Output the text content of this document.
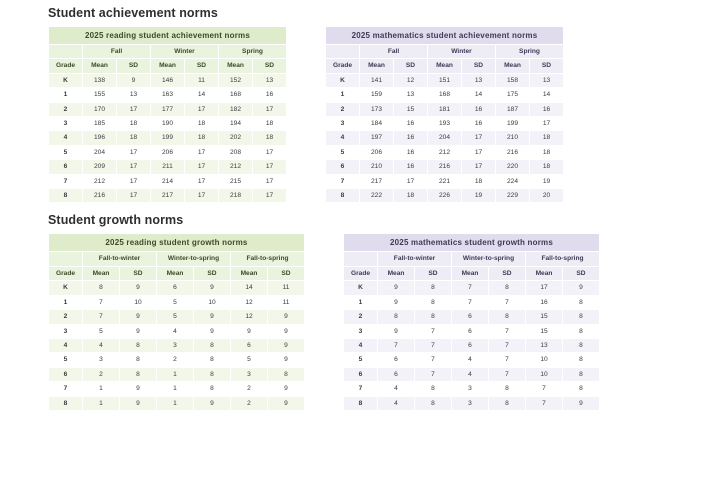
Student achievement norms
2025 reading student achievement norms						
	Fall		Winter		Spring	
Grade	Mean	SD	Mean	SD	Mean	SD
K	138	9	146	11	152	13
1	155	13	163	14	168	16
2	170	17	177	17	182	17
3	185	18	190	18	194	18
4	196	18	199	18	202	18
5	204	17	206	17	208	17
6	209	17	211	17	212	17
7	212	17	214	17	215	17
8	216	17	217	17	218	17
2025 mathematics student achievement norms						
	Fall		Winter		Spring	
Grade	Mean	SD	Mean	SD	Mean	SD
K	141	12	151	13	158	13
1	159	13	168	14	175	14
2	173	15	181	16	187	16
3	184	16	193	16	199	17
4	197	16	204	17	210	18
5	206	16	212	17	216	18
6	210	16	216	17	220	18
7	217	17	221	18	224	19
8	222	18	226	19	229	20
Student growth norms
2025 reading student growth norms						
	Fall-to-winter		Winter-to-spring		Fall-to-spring	
Grade	Mean	SD	Mean	SD	Mean	SD
K	8	9	6	9	14	11
1	7	10	5	10	12	11
2	7	9	5	9	12	9
3	5	9	4	9	9	9
4	4	8	3	8	6	9
5	3	8	2	8	5	9
6	2	8	1	8	3	8
7	1	9	1	8	2	9
8	1	9	1	9	2	9
2025 mathematics student growth norms						
	Fall-to-winter		Winter-to-spring		Fall-to-spring	
Grade	Mean	SD	Mean	SD	Mean	SD
K	9	8	7	8	17	9
1	9	8	7	7	16	8
2	8	8	6	8	15	8
3	9	7	6	7	15	8
4	7	7	6	7	13	8
5	6	7	4	7	10	8
6	6	7	4	7	10	8
7	4	8	3	8	7	8
8	4	8	3	8	7	9
